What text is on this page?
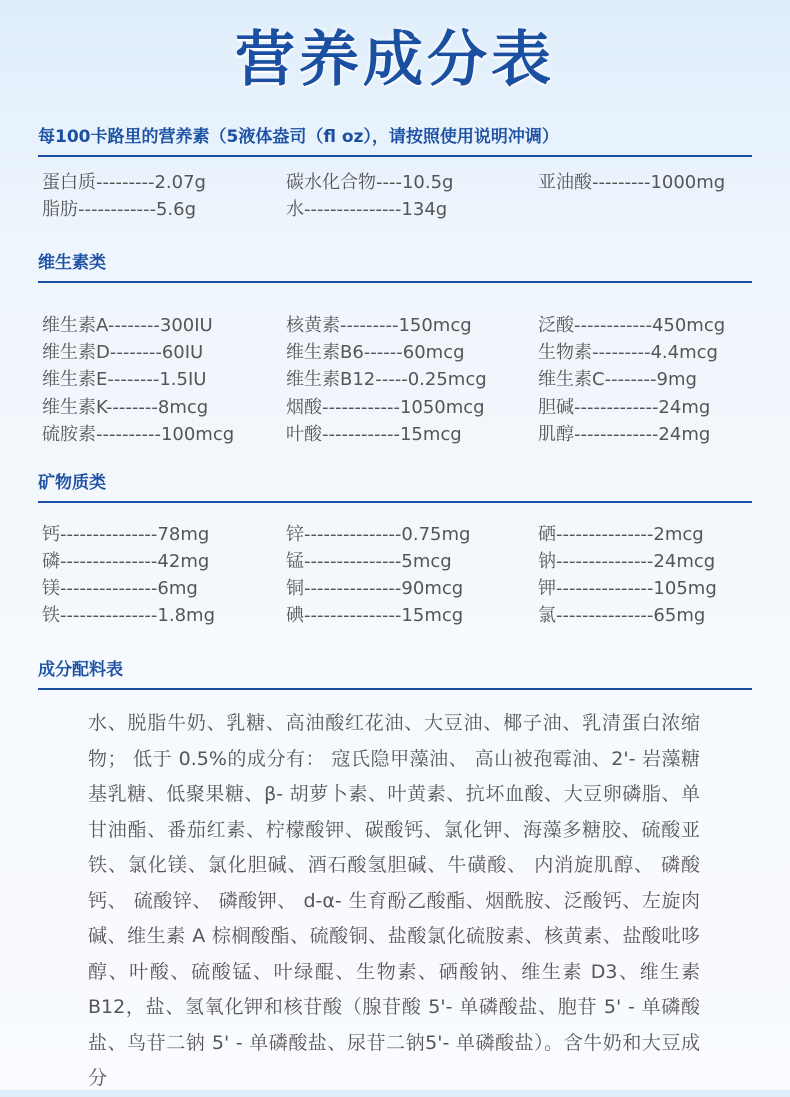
营养成分表
每100卡路里的营养素（5液体盎司（fl oz），请按照使用说明冲调）
蛋白质---------2.07g	碳水化合物----10.5g	亚油酸---------1000mg
脂肪------------5.6g	水---------------134g
维生素类
维生素A--------300IU	核黄素---------150mcg	泛酸------------450mcg
维生素D--------60IU	维生素B6------60mcg	生物素---------4.4mcg
维生素E--------1.5IU	维生素B12-----0.25mcg	维生素C--------9mg
维生素K--------8mcg	烟酸------------1050mcg	胆碱-------------24mg
硫胺素----------100mcg	叶酸------------15mcg	肌醇-------------24mg
矿物质类
钙---------------78mg	锌---------------0.75mg	硒---------------2mcg
磷---------------42mg	锰---------------5mcg	钠---------------24mcg
镁---------------6mg	铜---------------90mcg	钾---------------105mg
铁---------------1.8mg	碘---------------15mcg	氯---------------65mg
成分配料表

水、脱脂牛奶、乳糖、高油酸红花油、大豆油、椰子油、乳清蛋白浓缩物； 低于 0.5%的成分有： 寇氏隐甲藻油、 高山被孢霉油、2'- 岩藻糖基乳糖、低聚果糖、β- 胡萝卜素、叶黄素、抗坏血酸、大豆卵磷脂、单甘油酯、番茄红素、柠檬酸钾、碳酸钙、氯化钾、海藻多糖胶、硫酸亚铁、氯化镁、氯化胆碱、酒石酸氢胆碱、牛磺酸、 内消旋肌醇、 磷酸钙、 硫酸锌、 磷酸钾、 d-α- 生育酚乙酸酯、烟酰胺、泛酸钙、左旋肉碱、维生素 A 棕榈酸酯、硫酸铜、盐酸氯化硫胺素、核黄素、盐酸吡哆醇、叶酸、硫酸锰、叶绿醌、生物素、硒酸钠、维生素 D3、维生素 B12，盐、氢氧化钾和核苷酸（腺苷酸 5'- 单磷酸盐、胞苷 5' - 单磷酸盐、鸟苷二钠 5' - 单磷酸盐、尿苷二钠5'- 单磷酸盐）。含牛奶和大豆成分
